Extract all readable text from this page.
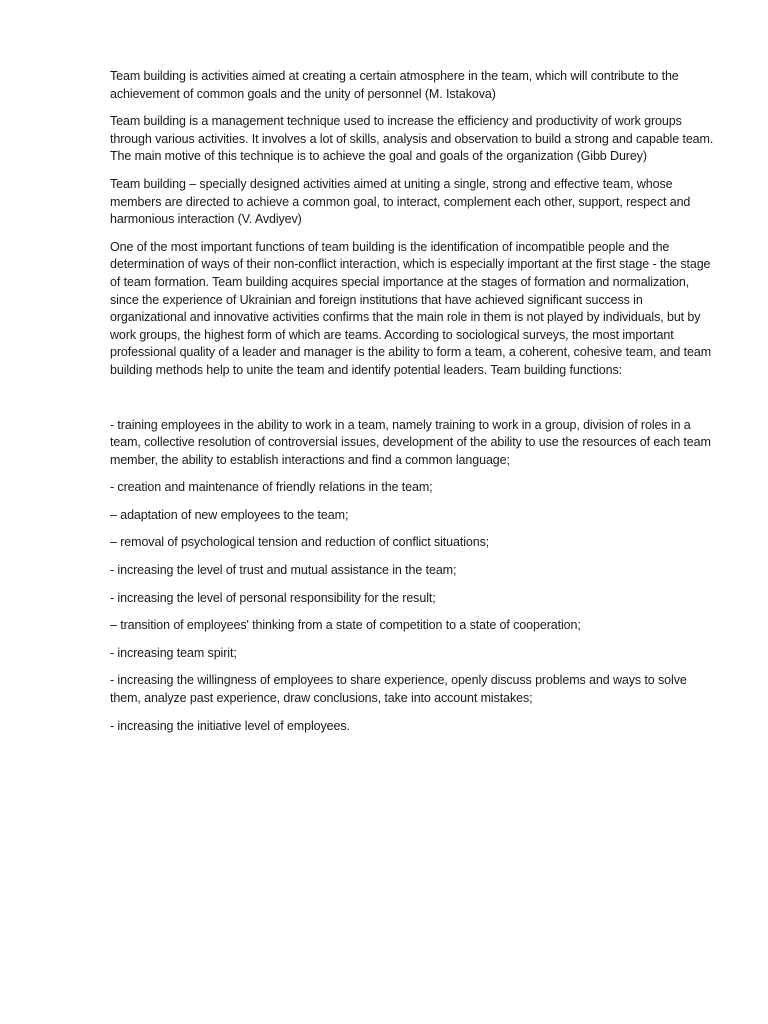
Team building is activities aimed at creating a certain atmosphere in the team, which will contribute to the achievement of common goals and the unity of personnel (M. Istakova)

Team building is a management technique used to increase the efficiency and productivity of work groups through various activities. It involves a lot of skills, analysis and observation to build a strong and capable team. The main motive of this technique is to achieve the goal and goals of the organization (Gibb Durey)

Team building – specially designed activities aimed at uniting a single, strong and effective team, whose members are directed to achieve a common goal, to interact, complement each other, support, respect and harmonious interaction (V. Avdiyev)

One of the most important functions of team building is the identification of incompatible people and the determination of ways of their non-conflict interaction, which is especially important at the first stage - the stage of team formation. Team building acquires special importance at the stages of formation and normalization, since the experience of Ukrainian and foreign institutions that have achieved significant success in organizational and innovative activities confirms that the main role in them is not played by individuals, but by work groups, the highest form of which are teams. According to sociological surveys, the most important professional quality of a leader and manager is the ability to form a team, a coherent, cohesive team, and team building methods help to unite the team and identify potential leaders. Team building functions:

- training employees in the ability to work in a team, namely training to work in a group, division of roles in a team, collective resolution of controversial issues, development of the ability to use the resources of each team member, the ability to establish interactions and find a common language;
- creation and maintenance of friendly relations in the team;
– adaptation of new employees to the team;
– removal of psychological tension and reduction of conflict situations;
- increasing the level of trust and mutual assistance in the team;
- increasing the level of personal responsibility for the result;
– transition of employees' thinking from a state of competition to a state of cooperation;
- increasing team spirit;
- increasing the willingness of employees to share experience, openly discuss problems and ways to solve them, analyze past experience, draw conclusions, take into account mistakes;
- increasing the initiative level of employees.
